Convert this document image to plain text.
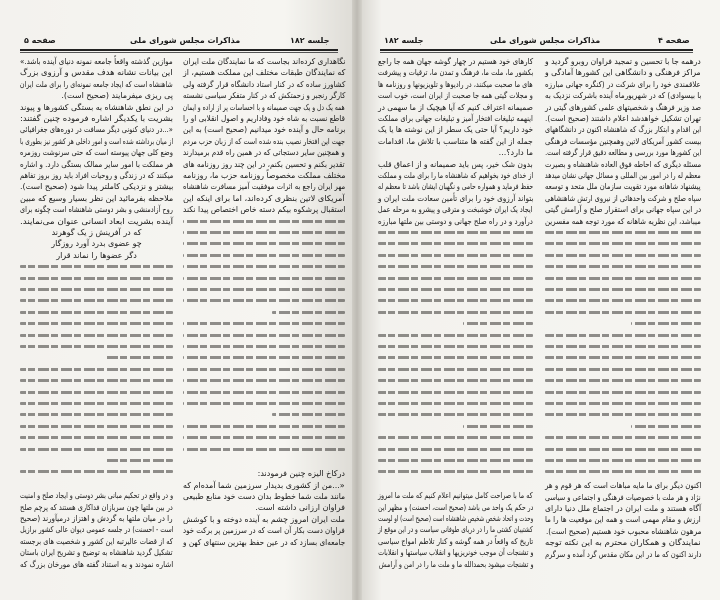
صفحه ۵	مذاکرات مجلس شورای ملی	جلسه ۱۸۲	جلسه ۱۸۲	مذاکرات مجلس شورای ملی	صفحه ۴
نگاهداری کرده‌اند بجاست که ما نمایندگان ملت ایران
که نمایندگان طبقات مختلف این مملکت هستیم، از
کشاورز ساده که در کنار استاد دانشگاه قرار گرفته ولی
کارگر رنجبر و زحمتکش که در کنار متفکر سیاسی نشسته
همه یک دل و یک جهت صمیمانه و با احساسات پر از اراده و ایمان
قاطع نسبت به شاه خود وفاداریم و اصول انقلابی او را
برنامه حال و آینده خود میدانیم (صحیح است) به این
جهت این افتخار نصیب بنده شده است که از زبان حزب مردم
و همچنین سایر دستجاتی که در همین راه قدم برمیدارند
تقدیر بکنم و تحسین بکنم، در این چند روز روزنامه های
مختلف مملکت مخصوصاً روزنامه حزب ما، روزنامه
مهر ایران راجع به اثرات موفقیت آمیز مسافرت شاهنشاه
آمریکای لاتین بنظری کرده‌اند، اما برای اینکه این
استقبال پرشکوه بیکم دسته خاص اختصاص پیدا نکند
درکاخ الیزه چنین فرمودند:
«...من از کشوری بدیدار سرزمین شما آمده‌ام که
مانند ملت شما خطوط بدان دست خود منابع طبیعی
فراوان ارزانی داشته است.
ملت ایران امروز چشم به آینده دوخته و با کوشش
فراوان دست بکار آن است که در سرزمین پر برکت خود
جامعه‌ای بسازد که در عین حفظ بهترین سنتهای کهن و
موازین گذشته واقعاً جامعه نمونه دنیای آینده باشد.»
این بیانات نشانه هدف مقدس و آرزوی بزرگ
شاهنشاه است که ایجاد جامعه نمونه‌ای را برای ملت ایران
پی ریزی میفرمایند (صحیح است).
در این نطق شاهنشاه به بستگی کشورها و پیوند
بشریت با یکدیگر اشاره فرموده چنین گفتند:
«...در دنیای کنونی دیگر مسافت در دوره‌های جغرافیائی
از میان برداشته شده است و امور داخلی هر کشور نیز بطوری با
وضع کلی جهان پیوسته است که حتی سرنوشت روزمره
هر مملکت با امور سایر ممالک بستگی دارد. و اشاره
میکنند که در زندگی و روحیات افراد باید روز بروز تفاهم
بیشتر و نزدیکی کاملتر پیدا شود (صحیح است).
ملاحظه بفرمائید این نظر بسیار وسیع که مبین
روح آزادمنشی و بشر دوستی شاهنشاه است چگونه برای
آینده بشریت ابعاد انسانی عنوان می‌نمایند.
که در آفرینش ز یک گوهرند
چو عضوی بدرد آورد روزگار
دگر عضوها را نماند قرار
و در واقع در تحکیم مبانی بشر دوستی و ایجاد صلح و امنیت
در بین ملتها چون سربازان فداکاری هستند که پرچم صلح
را در میان ملتها به گردش و اهتزاز درمیآورند (صحیح
است - احسنت) در جلسه عمومی دیوان عالی کشور برازیل
که از قضات عالیرتبه این کشور و شخصیت های برجسته
تشکیل گردید شاهنشاه به توضیح و تشریح ایران باستان
اشاره نمودند و به استناد گفته های مورخان بزرگ که
درهمه جا با تحسین و تمجید فراوان روبرو گردید و
مراکز فرهنگی و دانشگاهی این کشورها آمادگی و
علاقمندی خود را برای شرکت در (کنگره جهانی مبارزه
با بیسوادی) که در شهریورماه آینده باشرکت نزدیک به
صد وزیر فرهنگ و شخصیتهای علمی کشورهای گیتی در
تهران تشکیل خواهدشد اعلام داشتند (صحیح است).
این اقدام و ابتکار بزرگ که شاهنشاه اکنون در دانشگاههای
بیست کشور آمریکای لاتین وهمچنین مؤسسات فرهنگی
این کشورها مورد بررسی و مطالعه دقیق قرار گرفته است.
مسئله دیگری که احاطه فوق العاده شاهنشاه و بصیرت
معظم له را در امور بین المللی و مسائل جهانی نشان میدهد
پیشنهاد شاهانه مورد تقویت سازمان ملل متحد و توسعه
سپاه صلح و شرکت واحدهائی از نیروی ارتش شاهنشاهی
در این سپاه جهانی برای استقرار صلح و آرامش گیتی
میباشد، این نظریه شاهانه که مورد توجه همه مفسرین
اکنون دیگر برای ما مایه مباهات است که هر قوم و هر
نژاد و هر ملت با خصوصیات فرهنگی و اجتماعی و سیاسی
آگاه هستند و ملت ایران در اجتماع ملل دنیا دارای
ارزش و مقام مهمی است و همه این موقعیت ها را ما
مرهون شاهنشاه محبوب خود هستیم (صحیح است).
نمایندگان و همکاران محترم به این نکته توجه
دارند اکنون که ما در این مکان مقدس گرد آمده و سرگرم
کارهای خود هستیم در چهار گوشه جهان همه جا راجع
بکشور ما، ملت ما، فرهنگ و تمدن ما، ترقیات و پیشرفت
های ما صحبت میکنند، در رادیوها و تلویزیونها و روزنامه ها
و مجلات گیتی همه جا صحبت از ایران است، خوب است
صمیمانه اعتراف کنیم که آیا هیچیک از ما سهمی در
اینهمه تبلیغات افتخار آمیز و تبلیغات جهانی برای مملکت
خود داریم؟ آیا حتی یک سطر از این نوشته ها یا یک
جمله از این گفته ها متناسب با تلاش ما، اقدامات
ما دارد؟...
بدون شک خیر، پس باید صمیمانه و از اعماق قلب
از خدای خود بخواهیم که شاهنشاه ما را برای ملت و مملکت
حفظ فرماید و همواره حامی و نگهبان ایشان باشد تا معظم له
بتواند آرزوی خود را برای تأمین سعادت ملت ایران و
ایجاد یک ایران خوشبخت و مترقی و پیشرو به مرحله عمل
درآورد و در راه صلح جهانی و دوستی بین ملتها مبارزه
که ما با صراحت کامل میتوانیم اعلام کنیم که ملت ما امروز
در حکم یک واحد می باشد (صحیح است، احسنت) و مظهر این
وحدت و اتحاد شخص شخیص شاهنشاه است (صحیح است) او لوست
کشتیبان کشتی ما را در دریای طوفانی سیاست و در این موقع از
تاریخ که واقعاً در همه گوشه و کنار تلاطم امواج سیاسی
و تشنجات آن موجب خونریزیها و انقلاب سیاستها و انقلابات
و تشنجات میشود بحمدالله ما و ملت ما را در امن و آرامش
